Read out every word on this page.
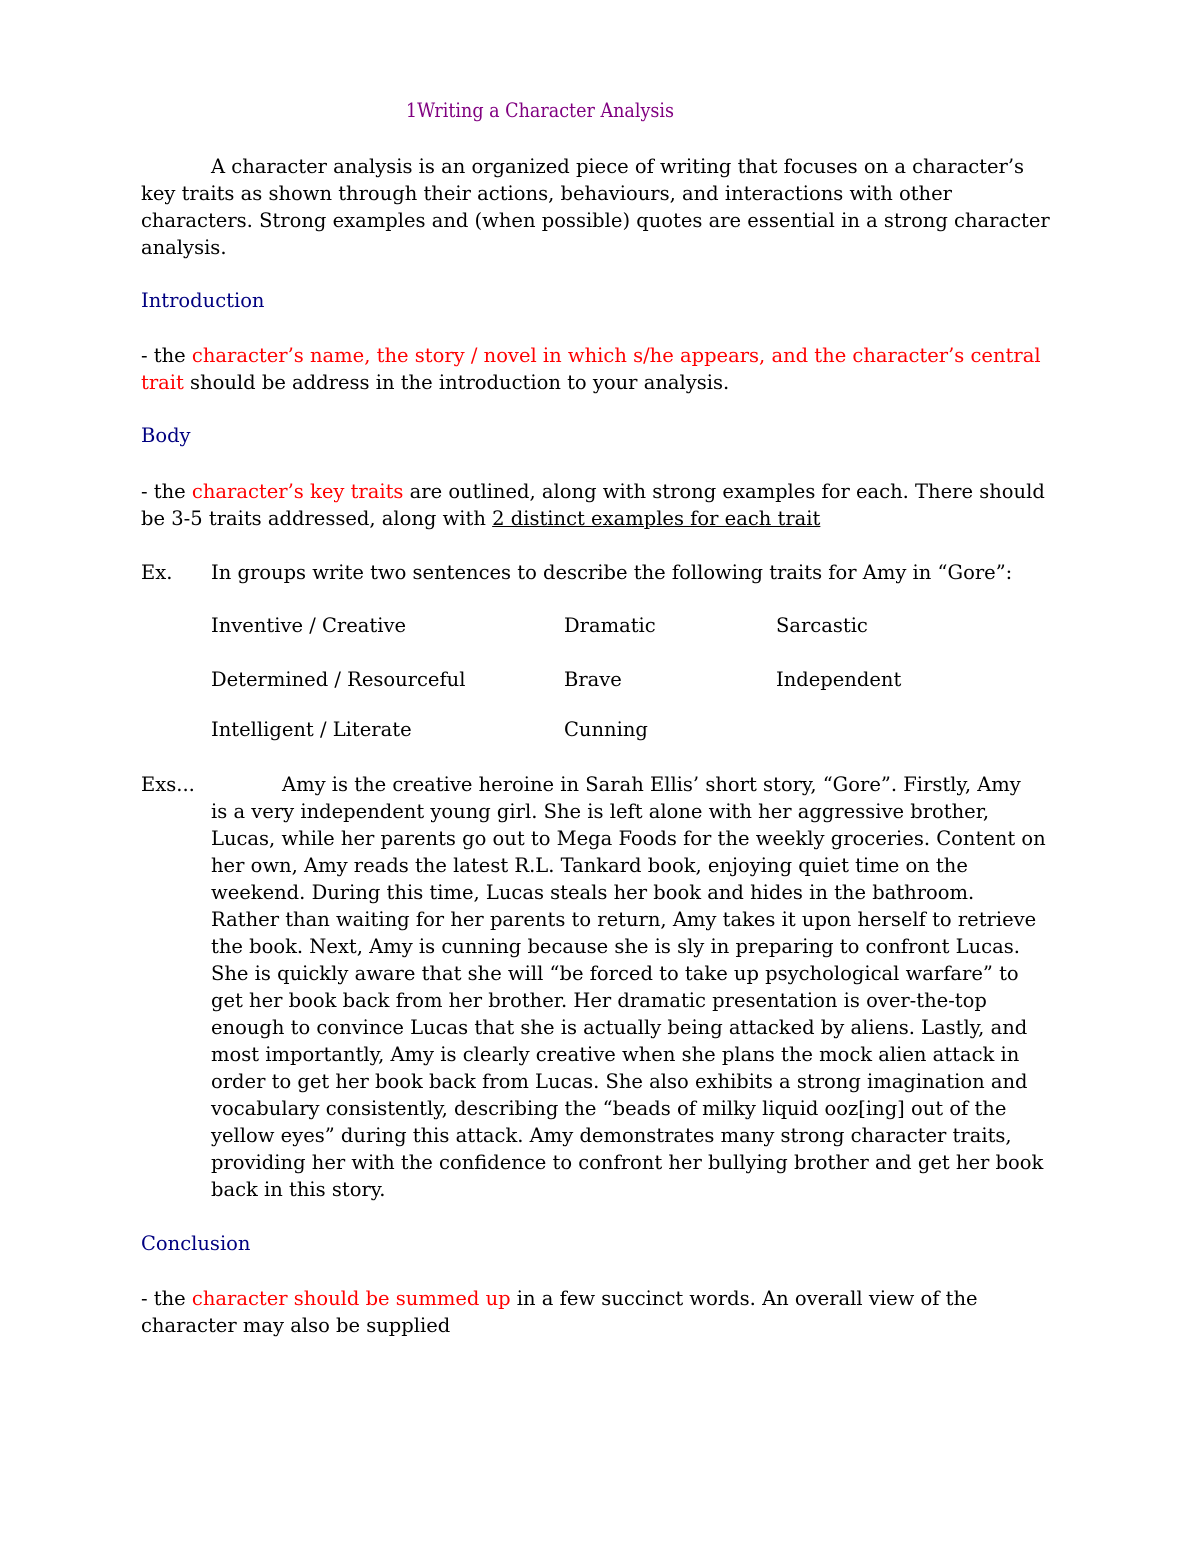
1Writing a Character Analysis
A character analysis is an organized piece of writing that focuses on a character’s
key traits as shown through their actions, behaviours, and interactions with other
characters. Strong examples and (when possible) quotes are essential in a strong character
analysis.
Introduction
- the character’s name, the story / novel in which s/he appears, and the character’s central
trait should be address in the introduction to your analysis.
Body
- the character’s key traits are outlined, along with strong examples for each. There should
be 3-5 traits addressed, along with 2 distinct examples for each trait
Ex. In groups write two sentences to describe the following traits for Amy in “Gore”:
Inventive / Creative	Dramatic	Sarcastic
Determined / Resourceful	Brave	Independent
Intelligent / Literate	Cunning
Exs...	Amy is the creative heroine in Sarah Ellis’ short story, “Gore”. Firstly, Amy
is a very independent young girl. She is left alone with her aggressive brother,
Lucas, while her parents go out to Mega Foods for the weekly groceries. Content on
her own, Amy reads the latest R.L. Tankard book, enjoying quiet time on the
weekend. During this time, Lucas steals her book and hides in the bathroom.
Rather than waiting for her parents to return, Amy takes it upon herself to retrieve
the book. Next, Amy is cunning because she is sly in preparing to confront Lucas.
She is quickly aware that she will “be forced to take up psychological warfare” to
get her book back from her brother. Her dramatic presentation is over-the-top
enough to convince Lucas that she is actually being attacked by aliens. Lastly, and
most importantly, Amy is clearly creative when she plans the mock alien attack in
order to get her book back from Lucas. She also exhibits a strong imagination and
vocabulary consistently, describing the “beads of milky liquid ooz[ing] out of the
yellow eyes” during this attack. Amy demonstrates many strong character traits,
providing her with the confidence to confront her bullying brother and get her book
back in this story.
Conclusion
- the character should be summed up in a few succinct words. An overall view of the
character may also be supplied
